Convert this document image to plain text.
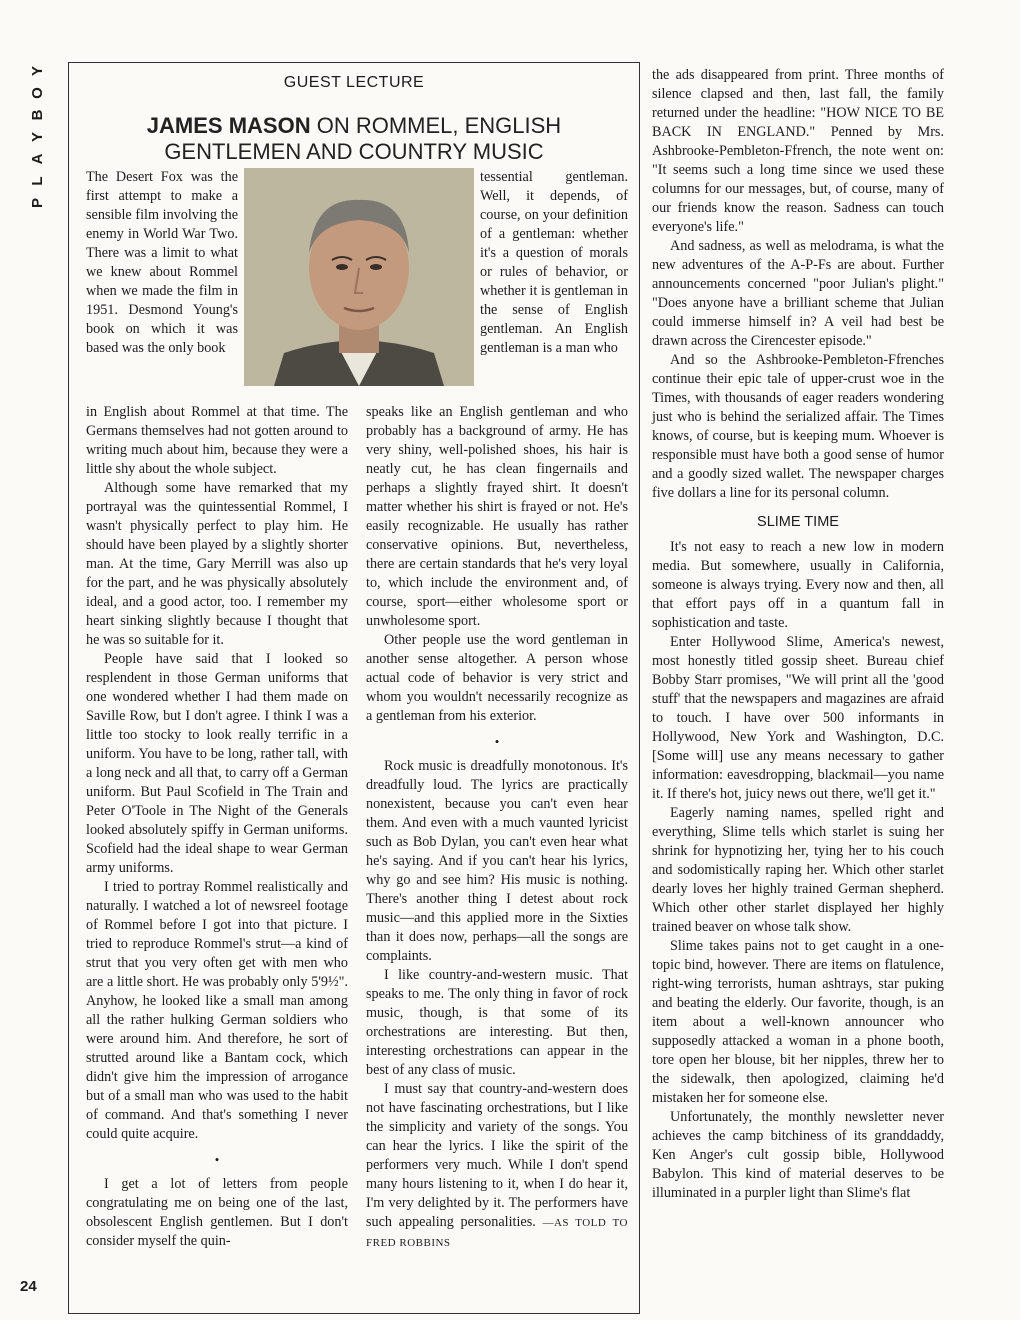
Y
O
B
Y
A
L
P
24
GUEST LECTURE
JAMES MASON ON ROMMEL, ENGLISH
GENTLEMEN AND COUNTRY MUSIC
The Desert Fox was the first attempt to make a sensible film involving the enemy in World War Two. There was a limit to what we knew about Rommel when we made the film in 1951. Desmond Young's book on which it was based was the only book
tessential gentleman. Well, it depends, of course, on your definition of a gentleman: whether it's a question of morals or rules of behavior, or whether it is gentleman in the sense of English gentleman. An English gentleman is a man who

in English about Rommel at that time. The Germans themselves had not gotten around to writing much about him, because they were a little shy about the whole subject.

Although some have remarked that my portrayal was the quintessential Rommel, I wasn't physically perfect to play him. He should have been played by a slightly shorter man. At the time, Gary Merrill was also up for the part, and he was physically absolutely ideal, and a good actor, too. I remember my heart sinking slightly because I thought that he was so suitable for it.

People have said that I looked so resplendent in those German uniforms that one wondered whether I had them made on Saville Row, but I don't agree. I think I was a little too stocky to look really terrific in a uniform. You have to be long, rather tall, with a long neck and all that, to carry off a German uniform. But Paul Scofield in The Train and Peter O'Toole in The Night of the Generals looked absolutely spiffy in German uniforms. Scofield had the ideal shape to wear German army uniforms.

I tried to portray Rommel realistically and naturally. I watched a lot of newsreel footage of Rommel before I got into that picture. I tried to reproduce Rommel's strut—a kind of strut that you very often get with men who are a little short. He was probably only 5'9½". Anyhow, he looked like a small man among all the rather hulking German soldiers who were around him. And therefore, he sort of strutted around like a Bantam cock, which didn't give him the impression of arrogance but of a small man who was used to the habit of command. And that's something I never could quite acquire.

•

I get a lot of letters from people congratulating me on being one of the last, obsolescent English gentlemen. But I don't consider myself the quin-

speaks like an English gentleman and who probably has a background of army. He has very shiny, well-polished shoes, his hair is neatly cut, he has clean fingernails and perhaps a slightly frayed shirt. It doesn't matter whether his shirt is frayed or not. He's easily recognizable. He usually has rather conservative opinions. But, nevertheless, there are certain standards that he's very loyal to, which include the environment and, of course, sport—either wholesome sport or unwholesome sport.

Other people use the word gentleman in another sense altogether. A person whose actual code of behavior is very strict and whom you wouldn't necessarily recognize as a gentleman from his exterior.

•

Rock music is dreadfully monotonous. It's dreadfully loud. The lyrics are practically nonexistent, because you can't even hear them. And even with a much vaunted lyricist such as Bob Dylan, you can't even hear what he's saying. And if you can't hear his lyrics, why go and see him? His music is nothing. There's another thing I detest about rock music—and this applied more in the Sixties than it does now, perhaps—all the songs are complaints.

I like country-and-western music. That speaks to me. The only thing in favor of rock music, though, is that some of its orchestrations are interesting. But then, interesting orchestrations can appear in the best of any class of music.

I must say that country-and-western does not have fascinating orchestrations, but I like the simplicity and variety of the songs. You can hear the lyrics. I like the spirit of the performers very much. While I don't spend many hours listening to it, when I do hear it, I'm very delighted by it. The performers have such appealing personalities. —AS TOLD TO FRED ROBBINS

the ads disappeared from print. Three months of silence clapsed and then, last fall, the family returned under the headline: "HOW NICE TO BE BACK IN ENGLAND." Penned by Mrs. Ashbrooke-Pembleton-Ffrench, the note went on: "It seems such a long time since we used these columns for our messages, but, of course, many of our friends know the reason. Sadness can touch everyone's life."

And sadness, as well as melodrama, is what the new adventures of the A-P-Fs are about. Further announcements concerned "poor Julian's plight." "Does anyone have a brilliant scheme that Julian could immerse himself in? A veil had best be drawn across the Cirencester episode."

And so the Ashbrooke-Pembleton-Ffrenches continue their epic tale of upper-crust woe in the Times, with thousands of eager readers wondering just who is behind the serialized affair. The Times knows, of course, but is keeping mum. Whoever is responsible must have both a good sense of humor and a goodly sized wallet. The newspaper charges five dollars a line for its personal column.

SLIME TIME

It's not easy to reach a new low in modern media. But somewhere, usually in California, someone is always trying. Every now and then, all that effort pays off in a quantum fall in sophistication and taste.

Enter Hollywood Slime, America's newest, most honestly titled gossip sheet. Bureau chief Bobby Starr promises, "We will print all the 'good stuff' that the newspapers and magazines are afraid to touch. I have over 500 informants in Hollywood, New York and Washington, D.C. [Some will] use any means necessary to gather information: eavesdropping, blackmail—you name it. If there's hot, juicy news out there, we'll get it."

Eagerly naming names, spelled right and everything, Slime tells which starlet is suing her shrink for hypnotizing her, tying her to his couch and sodomistically raping her. Which other starlet dearly loves her highly trained German shepherd. Which other other starlet displayed her highly trained beaver on whose talk show.

Slime takes pains not to get caught in a one-topic bind, however. There are items on flatulence, right-wing terrorists, human ashtrays, star puking and beating the elderly. Our favorite, though, is an item about a well-known announcer who supposedly attacked a woman in a phone booth, tore open her blouse, bit her nipples, threw her to the sidewalk, then apologized, claiming he'd mistaken her for someone else.

Unfortunately, the monthly newsletter never achieves the camp bitchiness of its granddaddy, Ken Anger's cult gossip bible, Hollywood Babylon. This kind of material deserves to be illuminated in a purpler light than Slime's flat
